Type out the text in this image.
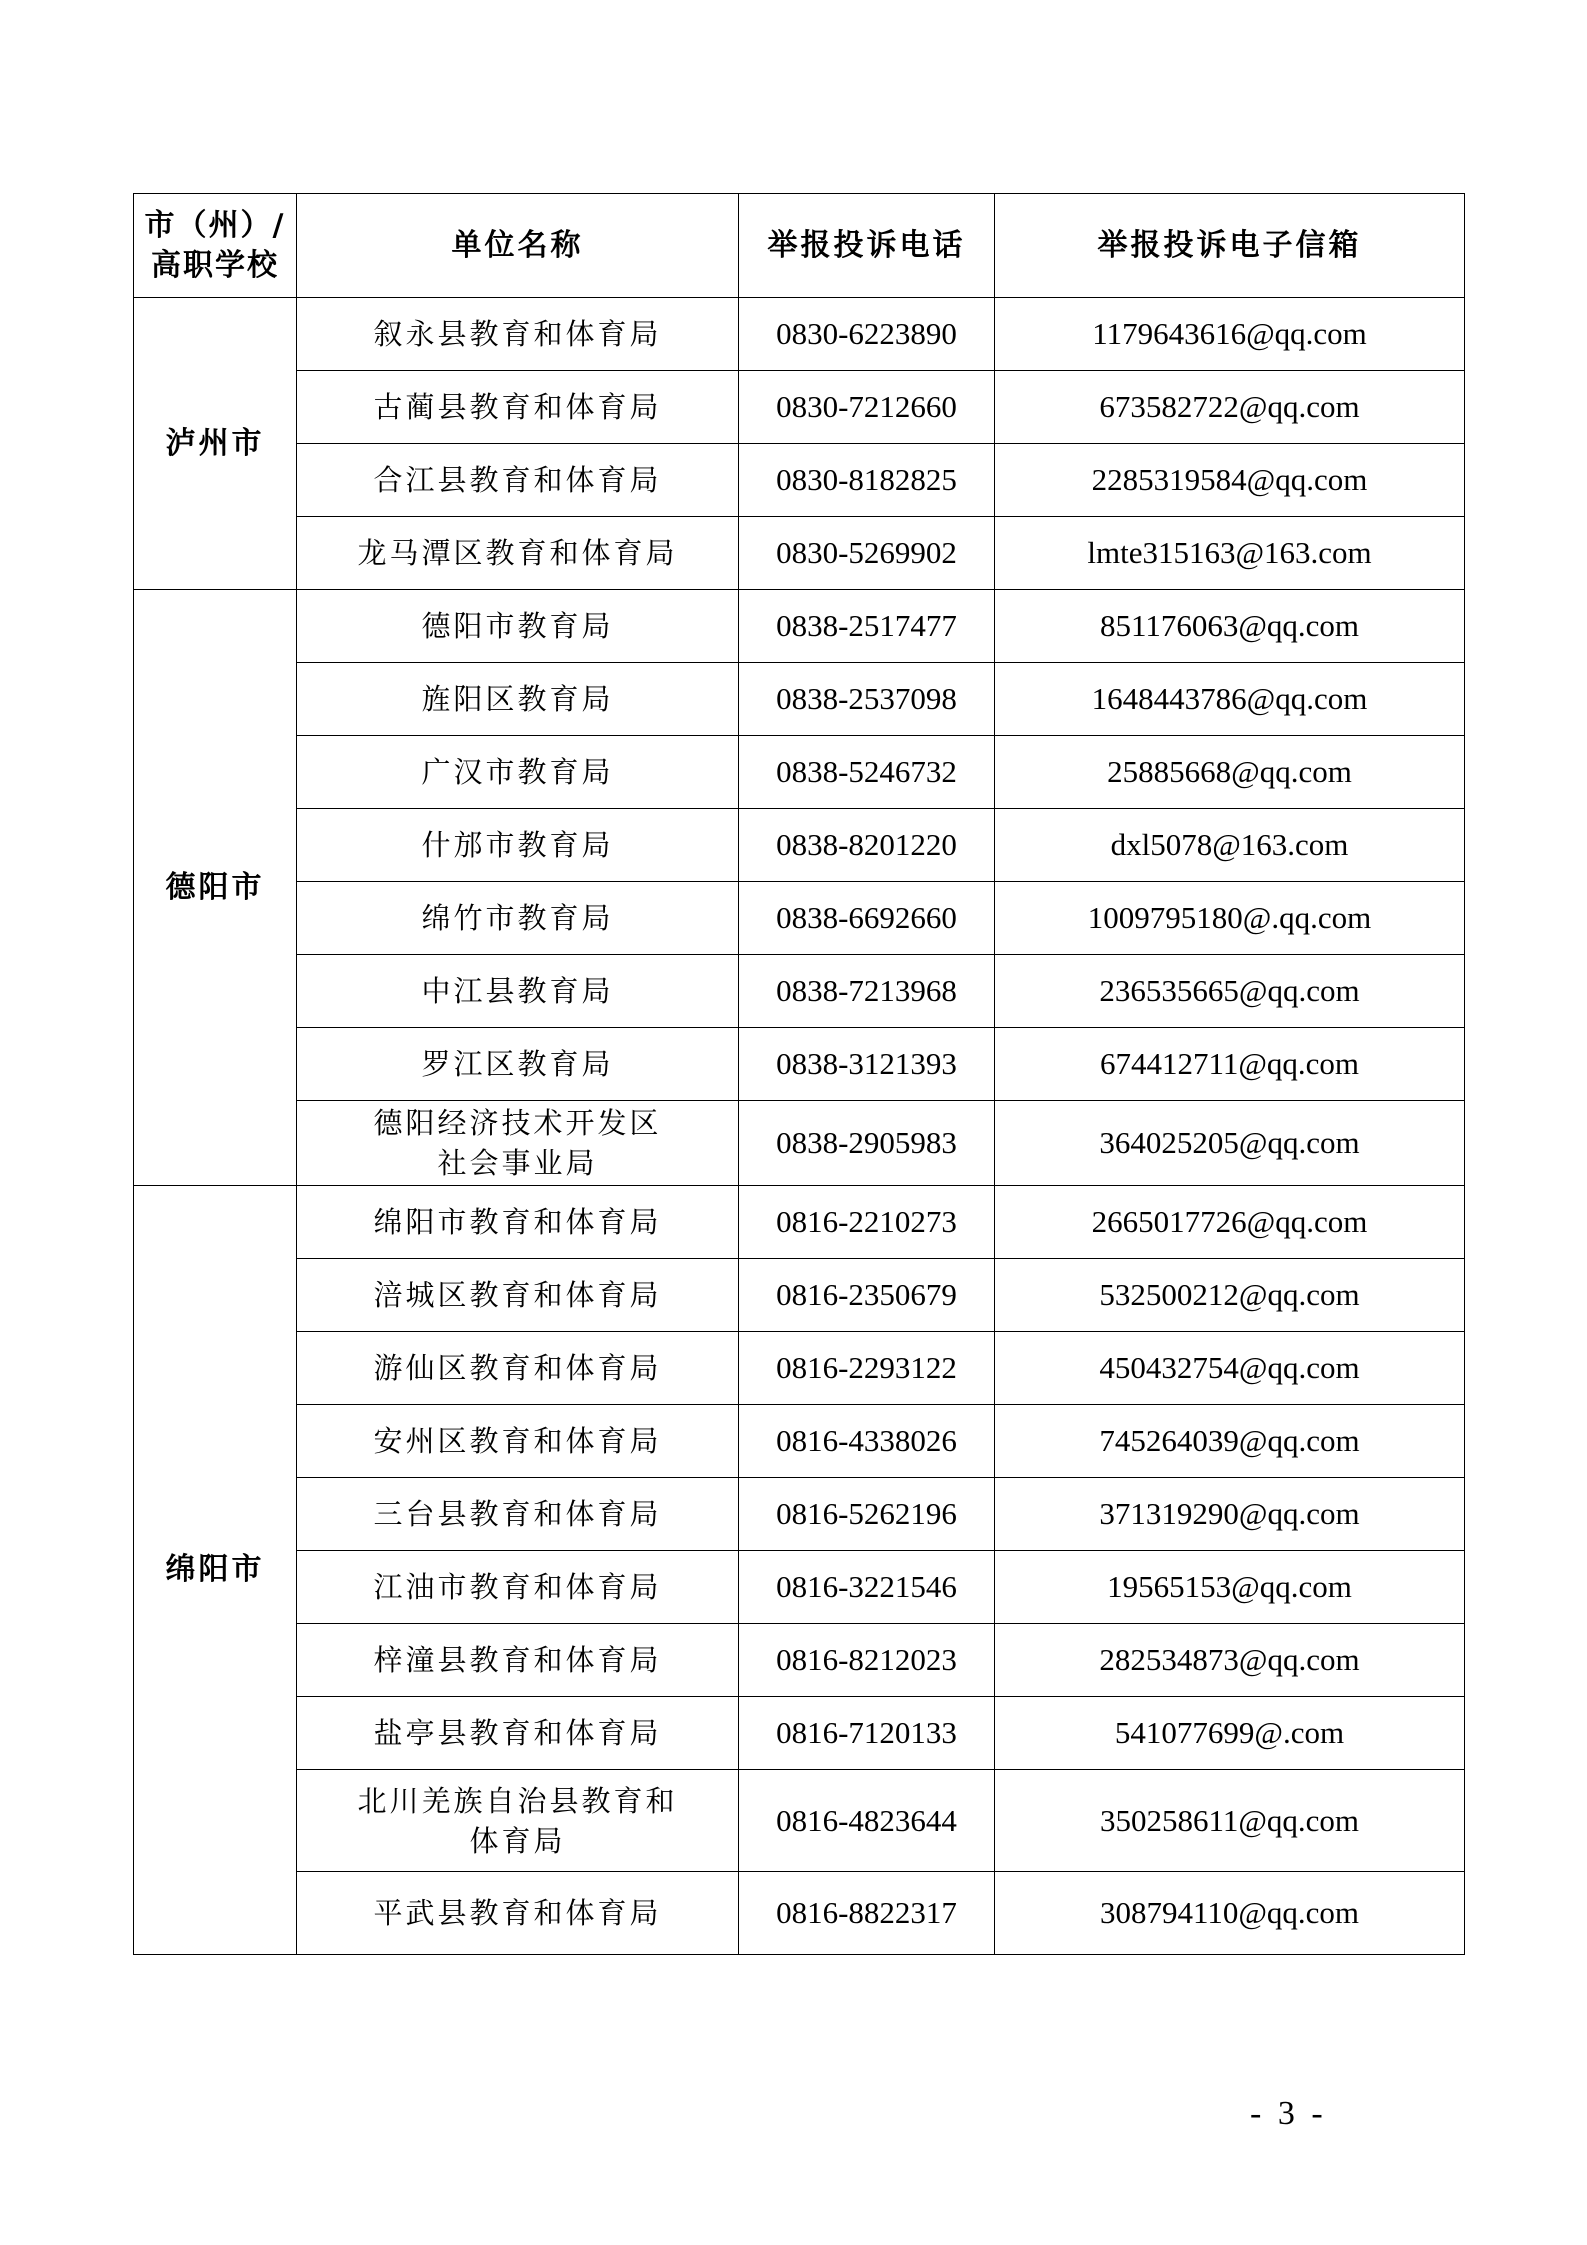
市（州）/
高职学校	单位名称	举报投诉电话	举报投诉电子信箱
泸州市	叙永县教育和体育局	0830-6223890	1179643616@qq.com
	古蔺县教育和体育局	0830-7212660	673582722@qq.com
	合江县教育和体育局	0830-8182825	2285319584@qq.com
	龙马潭区教育和体育局	0830-5269902	lmte315163@163.com
德阳市	德阳市教育局	0838-2517477	851176063@qq.com
	旌阳区教育局	0838-2537098	1648443786@qq.com
	广汉市教育局	0838-5246732	25885668@qq.com
	什邡市教育局	0838-8201220	dxl5078@163.com
	绵竹市教育局	0838-6692660	1009795180@.qq.com
	中江县教育局	0838-7213968	236535665@qq.com
	罗江区教育局	0838-3121393	674412711@qq.com
	德阳经济技术开发区
社会事业局	0838-2905983	364025205@qq.com
绵阳市	绵阳市教育和体育局	0816-2210273	2665017726@qq.com
	涪城区教育和体育局	0816-2350679	532500212@qq.com
	游仙区教育和体育局	0816-2293122	450432754@qq.com
	安州区教育和体育局	0816-4338026	745264039@qq.com
	三台县教育和体育局	0816-5262196	371319290@qq.com
	江油市教育和体育局	0816-3221546	19565153@qq.com
	梓潼县教育和体育局	0816-8212023	282534873@qq.com
	盐亭县教育和体育局	0816-7120133	541077699@.com
	北川羌族自治县教育和
体育局	0816-4823644	350258611@qq.com
	平武县教育和体育局	0816-8822317	308794110@qq.com
- 3 -
